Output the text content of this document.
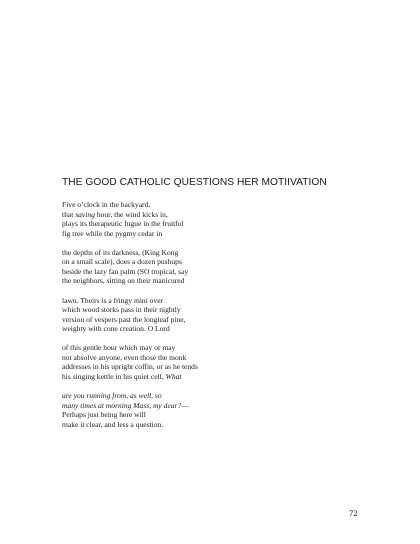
THE GOOD CATHOLIC QUESTIONS HER MOTIIVATION
Five o’clock in the backyard,
that saving hour, the wind kicks in,
plays its therapeutic fugue in the fruitful
fig tree while the pygmy cedar in
the depths of its darkness, (King Kong
on a small scale), does a dozen pushups
beside the lazy fan palm (SO tropical, say
the neighbors, sitting on their manicured
lawn. Theirs is a fringy mini over
which wood storks pass in their nightly
version of vespers past the longleaf pine,
weighty with cone creation. O Lord
of this gentle hour which may or may
not absolve anyone, even those the monk
addresses in his upright coffin, or as he tends
his singing kettle in his quiet cell, What
are you running from, as well, so
many times at morning Mass, my dear?—
Perhaps just being here will
make it clear, and less a question.
72
